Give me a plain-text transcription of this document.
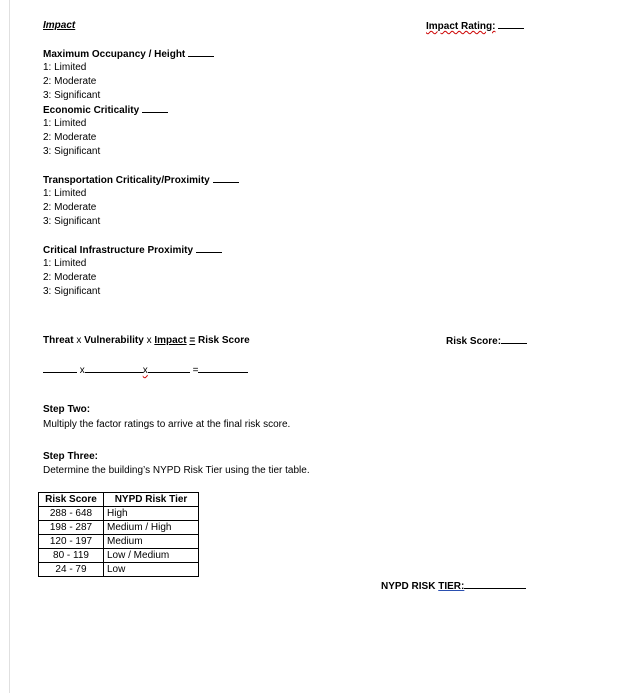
Impact	Impact Rating:
Maximum Occupancy / Height
1: Limited
2: Moderate
3: Significant
Economic Criticality
1: Limited
2: Moderate
3: Significant
Transportation Criticality/Proximity
1: Limited
2: Moderate
3: Significant
Critical Infrastructure Proximity
1: Limited
2: Moderate
3: Significant
Threat x Vulnerability x Impact = Risk Score	Risk Score:
x	x	=
Step Two:
Multiply the factor ratings to arrive at the final risk score.
Step Three:
Determine the building’s NYPD Risk Tier using the tier table.
Risk Score	NYPD Risk Tier
288 - 648	High
198 - 287	Medium / High
120 - 197	Medium
80 - 119	Low / Medium
24 - 79	Low
NYPD RISK TIER:
